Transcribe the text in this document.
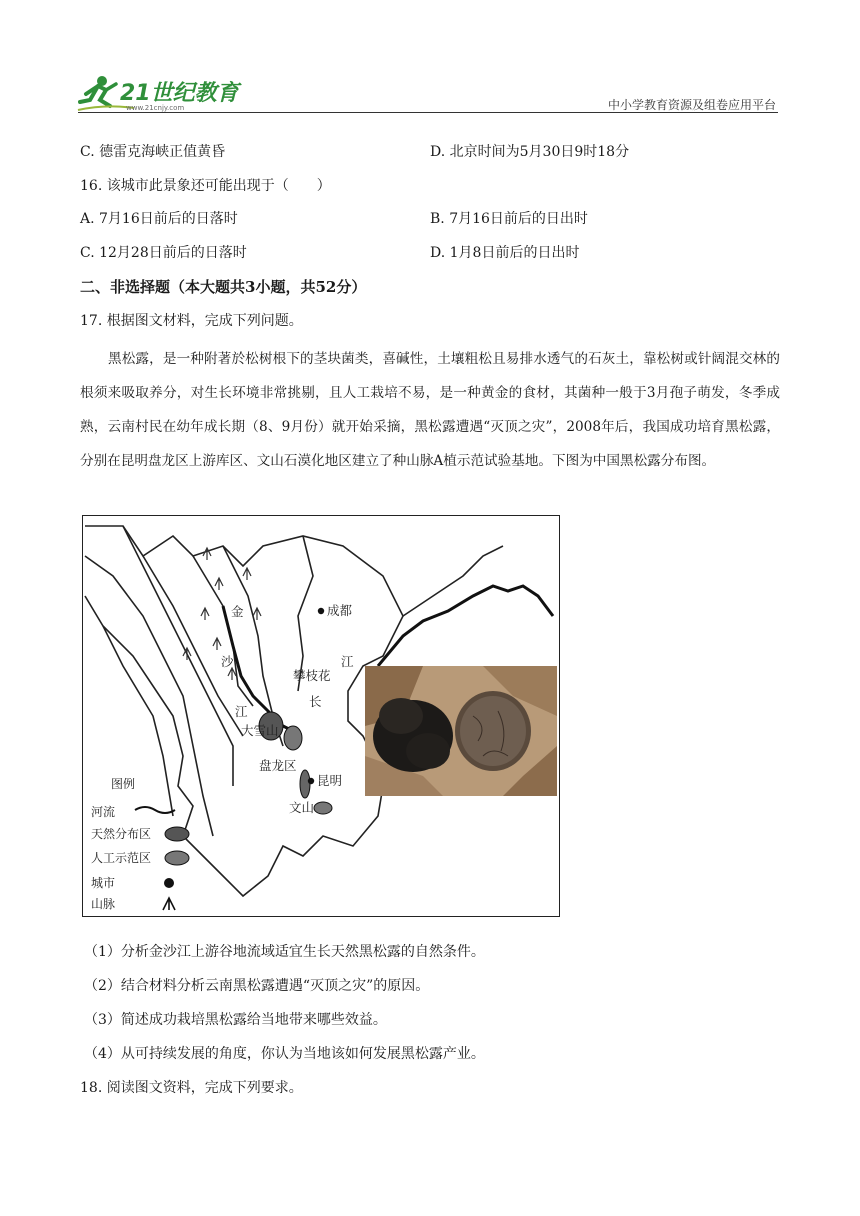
21世纪教育
www.21cnjy.com	中小学教育资源及组卷应用平台
C. 德雷克海峡正值黄昏	D. 北京时间为5月30日9时18分
16. 该城市此景象还可能出现于（　　）
A. 7月16日前后的日落时	B. 7月16日前后的日出时
C. 12月28日前后的日落时	D. 1月8日前后的日出时
二、非选择题（本大题共3小题，共52分）
17. 根据图文材料，完成下列问题。

黑松露，是一种附著於松树根下的茎块菌类，喜碱性，土壤粗松且易排水透气的石灰土，靠松树或针阔混交林的根须来吸取养分，对生长环境非常挑剔，且人工栽培不易，是一种黄金的食材，其菌种一般于3月孢子萌发，冬季成熟，云南村民在幼年成长期（8、9月份）就开始采摘，黑松露遭遇“灭顶之灾”，2008年后，我国成功培育黑松露，分别在昆明盘龙区上游库区、文山石漠化地区建立了种山脉A植示范试验基地。下图为中国黑松露分布图。

成都
金
沙
江
江
长
攀枝花
大雪山
盘龙区
昆明
文山
图例
河流
天然分布区
人工示范区
城市
山脉
（1）分析金沙江上游谷地流域适宜生长天然黑松露的自然条件。
（2）结合材料分析云南黑松露遭遇“灭顶之灾”的原因。
（3）简述成功栽培黑松露给当地带来哪些效益。
（4）从可持续发展的角度，你认为当地该如何发展黑松露产业。
18. 阅读图文资料，完成下列要求。
